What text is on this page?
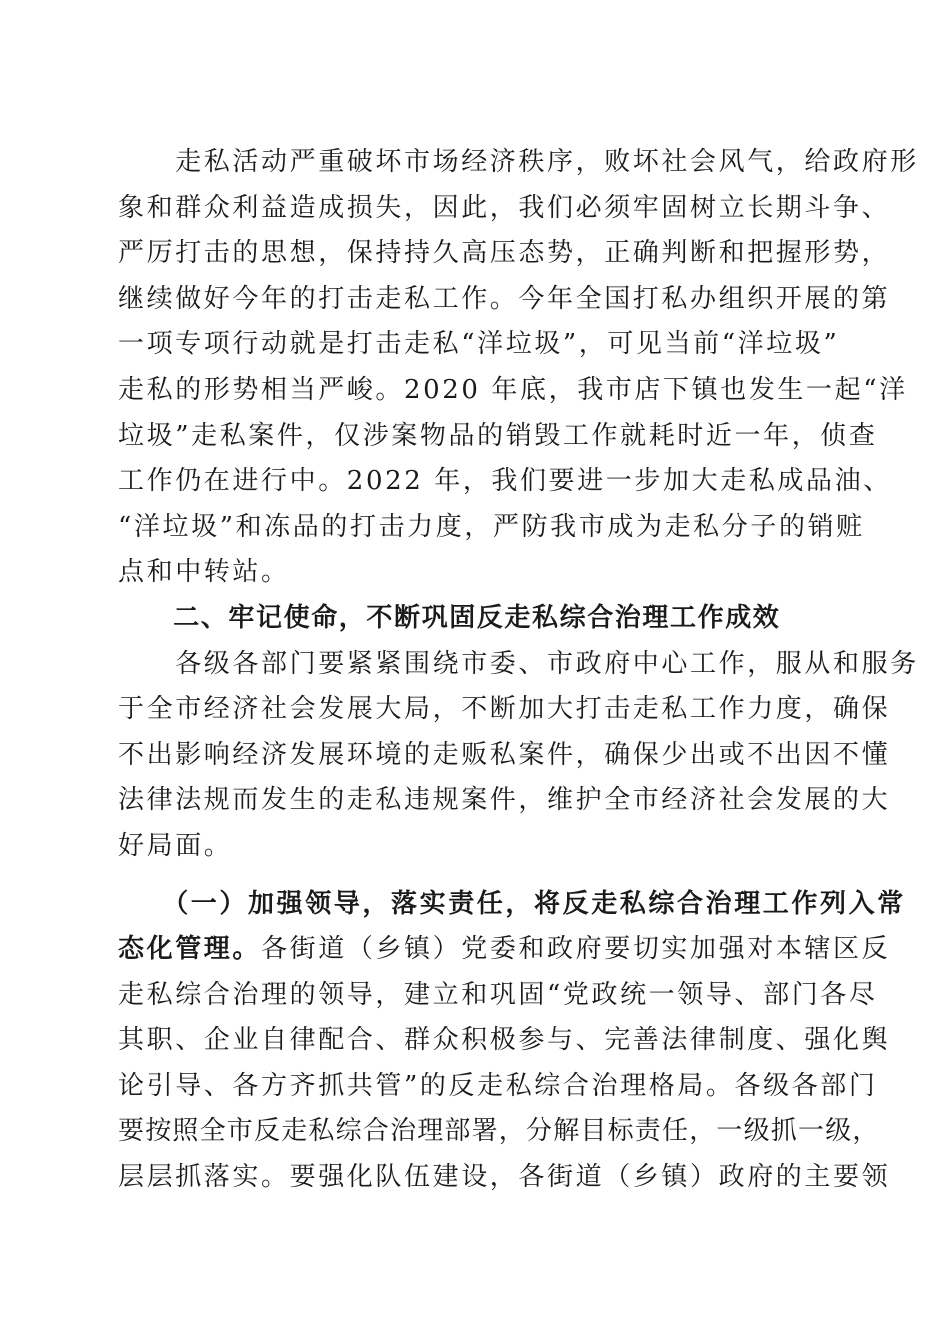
　　走私活动严重破坏市场经济秩序，败坏社会风气，给政府形
象和群众利益造成损失，因此，我们必须牢固树立长期斗争、
严厉打击的思想，保持持久高压态势，正确判断和把握形势，
继续做好今年的打击走私工作。今年全国打私办组织开展的第
一项专项行动就是打击走私“洋垃圾”，可见当前“洋垃圾”
走私的形势相当严峻。2020 年底，我市店下镇也发生一起“洋
垃圾”走私案件，仅涉案物品的销毁工作就耗时近一年，侦查
工作仍在进行中。2022 年，我们要进一步加大走私成品油、
“洋垃圾”和冻品的打击力度，严防我市成为走私分子的销赃
点和中转站。
　　二、牢记使命，不断巩固反走私综合治理工作成效
　　各级各部门要紧紧围绕市委、市政府中心工作，服从和服务
于全市经济社会发展大局，不断加大打击走私工作力度，确保
不出影响经济发展环境的走贩私案件，确保少出或不出因不懂
法律法规而发生的走私违规案件，维护全市经济社会发展的大
好局面。
　　（一）加强领导，落实责任，将反走私综合治理工作列入常
态化管理。各街道（乡镇）党委和政府要切实加强对本辖区反
走私综合治理的领导，建立和巩固“党政统一领导、部门各尽
其职、企业自律配合、群众积极参与、完善法律制度、强化舆
论引导、各方齐抓共管”的反走私综合治理格局。各级各部门
要按照全市反走私综合治理部署，分解目标责任，一级抓一级，
层层抓落实。要强化队伍建设，各街道（乡镇）政府的主要领
